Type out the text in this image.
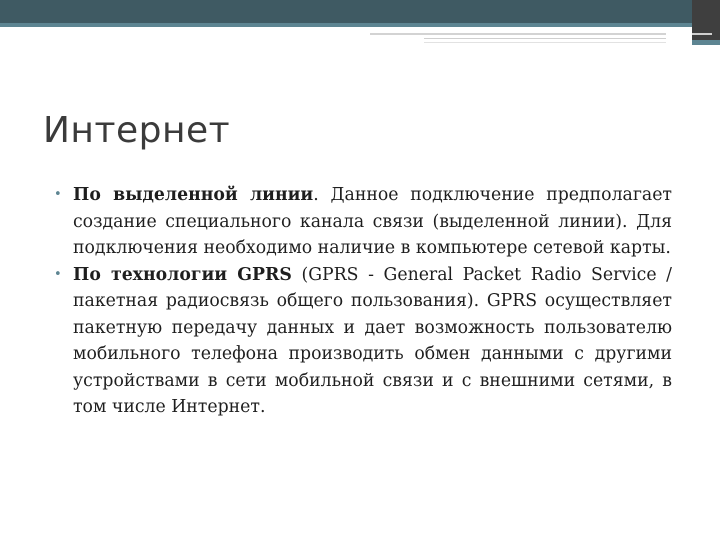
Интернет
• По выделенной линии. Данное подключение предполагает создание специального канала связи (выделенной линии). Для подключения необходимо наличие в компьютере сетевой карты.
• По технологии GPRS (GPRS - General Packet Radio Service / пакетная радиосвязь общего пользования). GPRS осуществляет пакетную передачу данных и дает возможность пользователю мобильного телефона производить обмен данными с другими устройствами в сети мобильной связи и с внешними сетями, в том числе Интернет.
